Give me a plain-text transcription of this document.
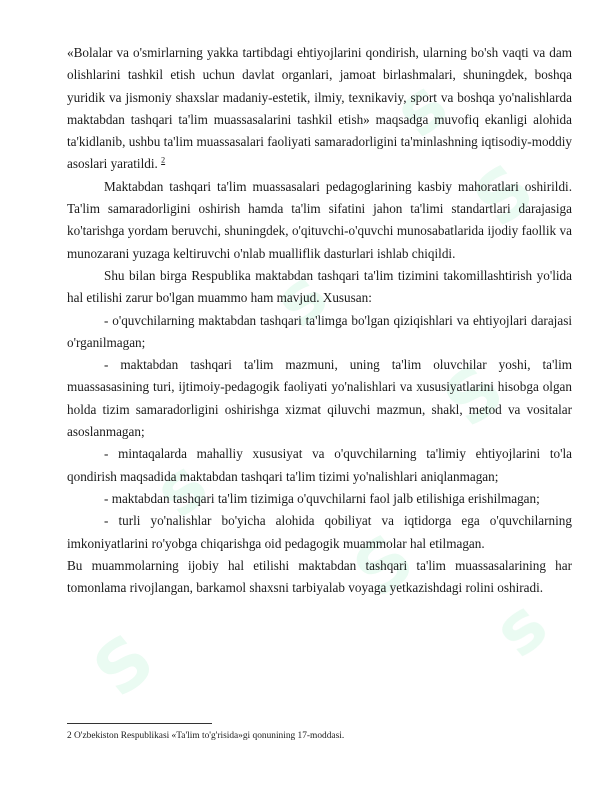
s
S
s
S
s
S
s
S

«Bolalar va o'smirlarning yakka tartibdagi ehtiyojlarini qondirish, ularning bo'sh vaqti va dam olishlarini tashkil etish uchun davlat organlari, jamoat birlashmalari, shuningdek, boshqa yuridik va jismoniy shaxslar madaniy-estetik, ilmiy, texnikaviy, sport va boshqa yo'nalishlarda maktabdan tashqari ta'lim muassasalarini tashkil etish» maqsadga muvofiq ekanligi alohida ta'kidlanib, ushbu ta'lim muassasalari faoliyati samaradorligini ta'minlashning iqtisodiy-moddiy asoslari yaratildi. $^2$

Maktabdan tashqari ta'lim muassasalari pedagoglarining kasbiy mahoratlari oshirildi. Ta'lim samaradorligini oshirish hamda ta'lim sifatini jahon ta'limi standartlari darajasiga ko'tarishga yordam beruvchi, shuningdek, o'qituvchi-o'quvchi munosabatlarida ijodiy faollik va munozarani yuzaga keltiruvchi o'nlab mualliflik dasturlari ishlab chiqildi.

Shu bilan birga Respublika maktabdan tashqari ta'lim tizimini takomillashtirish yo'lida hal etilishi zarur bo'lgan muammo ham mavjud. Xususan:

- o'quvchilarning maktabdan tashqari ta'limga bo'lgan qiziqishlari va ehtiyojlari darajasi o'rganilmagan;

- maktabdan tashqari ta'lim mazmuni, uning ta'lim oluvchilar yoshi, ta'lim muassasasining turi, ijtimoiy-pedagogik faoliyati yo'nalishlari va xususiyatlarini hisobga olgan holda tizim samaradorligini oshirishga xizmat qiluvchi mazmun, shakl, metod va vositalar asoslanmagan;

- mintaqalarda mahalliy xususiyat va o'quvchilarning ta'limiy ehtiyojlarini to'la qondirish maqsadida maktabdan tashqari ta'lim tizimi yo'nalishlari aniqlanmagan;

- maktabdan tashqari ta'lim tizimiga o'quvchilarni faol jalb etilishiga erishilmagan;

- turli yo'nalishlar bo'yicha alohida qobiliyat va iqtidorga ega o'quvchilarning imkoniyatlarini ro'yobga chiqarishga oid pedagogik muammolar hal etilmagan.

Bu muammolarning ijobiy hal etilishi maktabdan tashqari ta'lim muassasalarining har tomonlama rivojlangan, barkamol shaxsni tarbiyalab voyaga yetkazishdagi rolini oshiradi.

2 O'zbekiston Respublikasi «Ta'lim to'g'risida»gi qonunining 17-moddasi.
